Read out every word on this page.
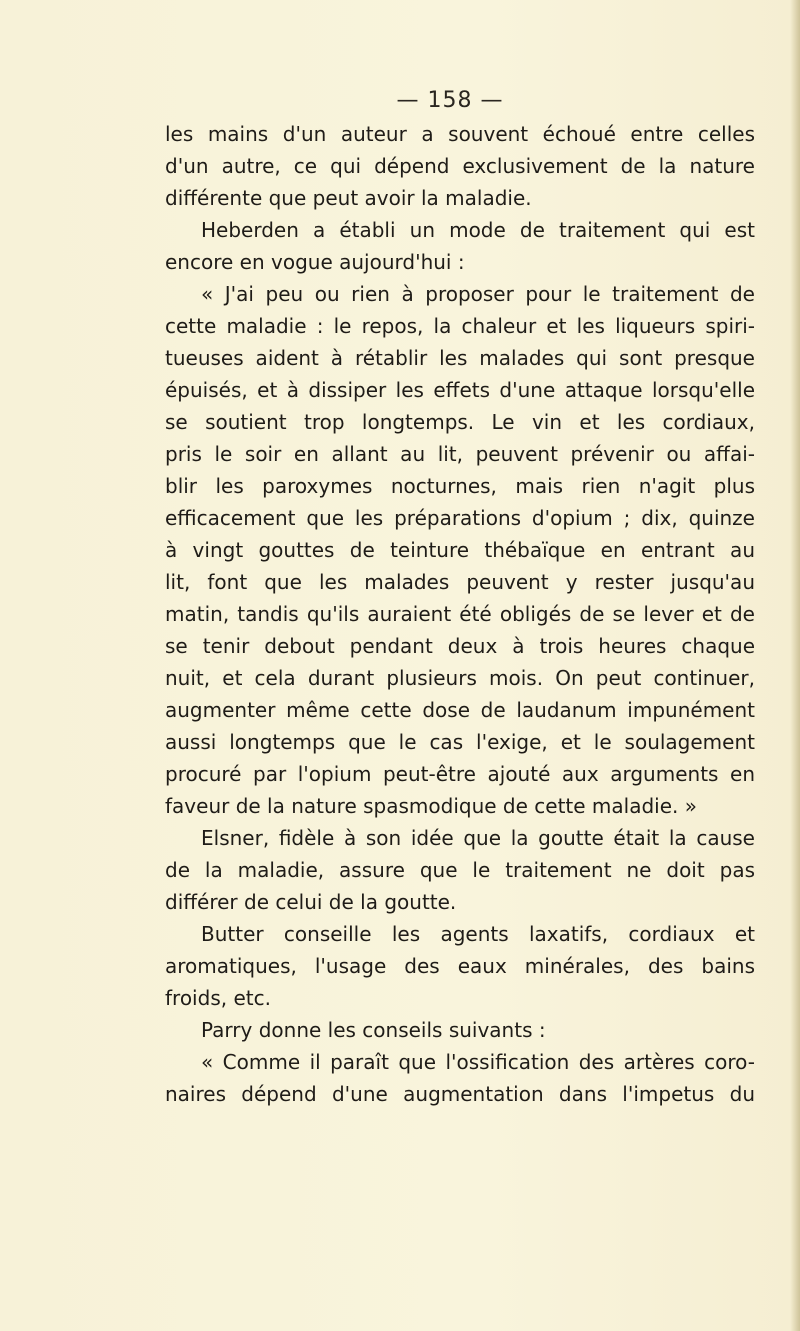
— 158 —
les mains d'un auteur a souvent échoué entre celles
d'un autre, ce qui dépend exclusivement de la nature
différente que peut avoir la maladie.
Heberden a établi un mode de traitement qui est
encore en vogue aujourd'hui :
« J'ai peu ou rien à proposer pour le traitement de
cette maladie : le repos, la chaleur et les liqueurs spiri-
tueuses aident à rétablir les malades qui sont presque
épuisés, et à dissiper les effets d'une attaque lorsqu'elle
se soutient trop longtemps. Le vin et les cordiaux,
pris le soir en allant au lit, peuvent prévenir ou affai-
blir les paroxymes nocturnes, mais rien n'agit plus
efficacement que les préparations d'opium ; dix, quinze
à vingt gouttes de teinture thébaïque en entrant au
lit, font que les malades peuvent y rester jusqu'au
matin, tandis qu'ils auraient été obligés de se lever et de
se tenir debout pendant deux à trois heures chaque
nuit, et cela durant plusieurs mois. On peut continuer,
augmenter même cette dose de laudanum impunément
aussi longtemps que le cas l'exige, et le soulagement
procuré par l'opium peut-être ajouté aux arguments en
faveur de la nature spasmodique de cette maladie. »
Elsner, fidèle à son idée que la goutte était la cause
de la maladie, assure que le traitement ne doit pas
différer de celui de la goutte.
Butter conseille les agents laxatifs, cordiaux et
aromatiques, l'usage des eaux minérales, des bains
froids, etc.
Parry donne les conseils suivants :
« Comme il paraît que l'ossification des artères coro-
naires dépend d'une augmentation dans l'impetus du
